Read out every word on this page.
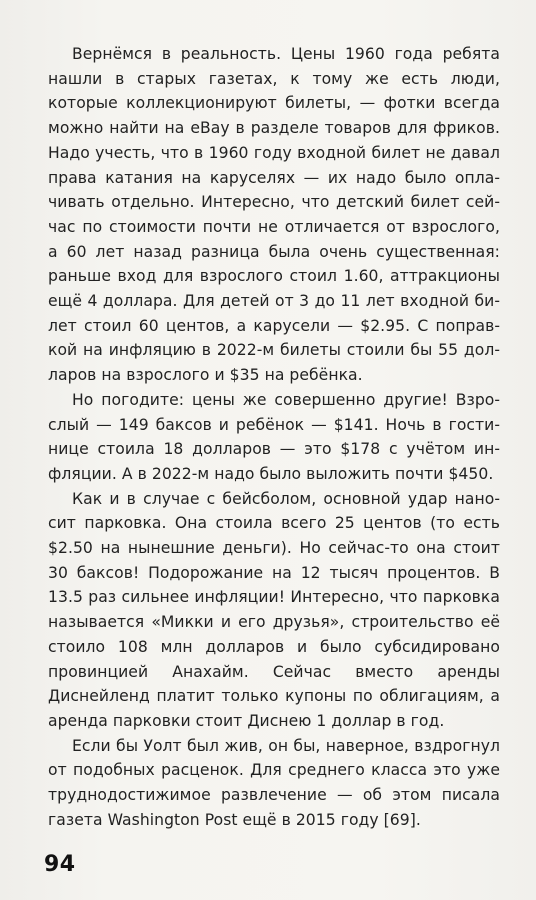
Вернёмся в реальность. Цены 1960 года ребята нашли в старых газетах, к тому же есть люди, которые коллекционируют билеты, — фотки всегда можно найти на eBay в разделе товаров для фриков. Надо учесть, что в 1960 году входной билет не давал права катания на каруселях — их надо было оплачивать отдельно. Интересно, что детский билет сейчас по стоимости почти не отличается от взрослого, а 60 лет назад разница была очень существенная: раньше вход для взрослого стоил 1.60, аттракционы ещё 4 доллара. Для детей от 3 до 11 лет входной билет стоил 60 центов, а карусели — $2.95. С поправкой на инфляцию в 2022-м билеты стоили бы 55 долларов на взрослого и $35 на ребёнка.

Но погодите: цены же совершенно другие! Взрослый — 149 баксов и ребёнок — $141. Ночь в гостинице стоила 18 долларов — это $178 с учётом инфляции. А в 2022-м надо было выложить почти $450.

Как и в случае с бейсболом, основной удар наносит парковка. Она стоила всего 25 центов (то есть $2.50 на нынешние деньги). Но сейчас-то она стоит 30 баксов! Подорожание на 12 тысяч процентов. В 13.5 раз сильнее инфляции! Интересно, что парковка называется «Микки и его друзья», строительство её стоило 108 млн долларов и было субсидировано провинцией Анахайм. Сейчас вместо аренды Диснейленд платит только купоны по облигациям, а аренда парковки стоит Диснею 1 доллар в год.

Если бы Уолт был жив, он бы, наверное, вздрогнул от подобных расценок. Для среднего класса это уже труднодостижимое развлечение — об этом писала газета Washington Post ещё в 2015 году [69].

94
